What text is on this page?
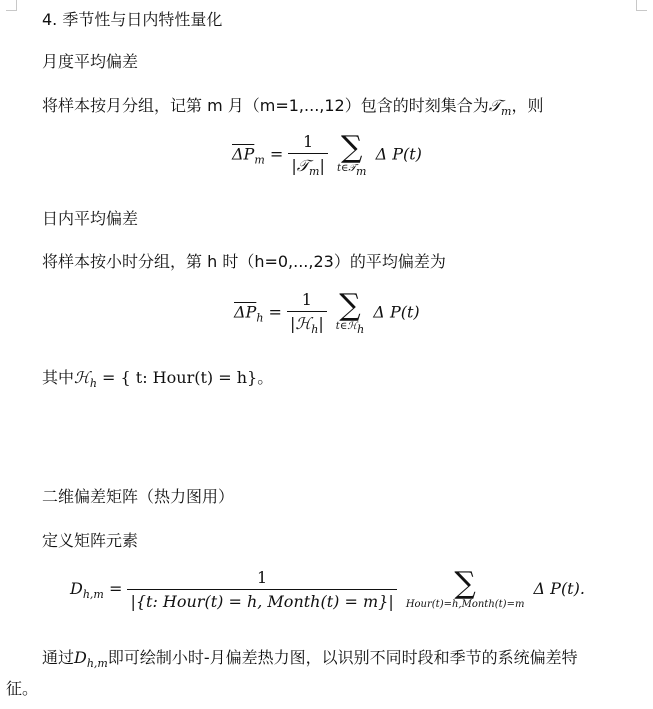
4. 季节性与日内特性量化
月度平均偏差
将样本按月分组，记第 m 月（m=1,...,12）包含的时刻集合为𝒯$_m$，则
$\overline{\Delta P}_m = \frac{1}{|𝒯_m|}$
∑
t∈𝒯m
Δ P(t)
日内平均偏差
将样本按小时分组，第 h 时（h=0,...,23）的平均偏差为
$\overline{\Delta P}_h = \frac{1}{|ℋ_h|}$
∑
t∈ℋh
Δ P(t)
其中ℋ$_h$ = { t: Hour(t) = h}。
二维偏差矩阵（热力图用）
定义矩阵元素
$D_{h,m} = \frac{1}{\text{|\{t: Hour(t) = h, Month(t) = m\}|}}$
∑
Hour(t)=h,Month(t)=m
Δ P(t).
通过$D_{h,m}$即可绘制小时-月偏差热力图，以识别不同时段和季节的系统偏差特
征。
